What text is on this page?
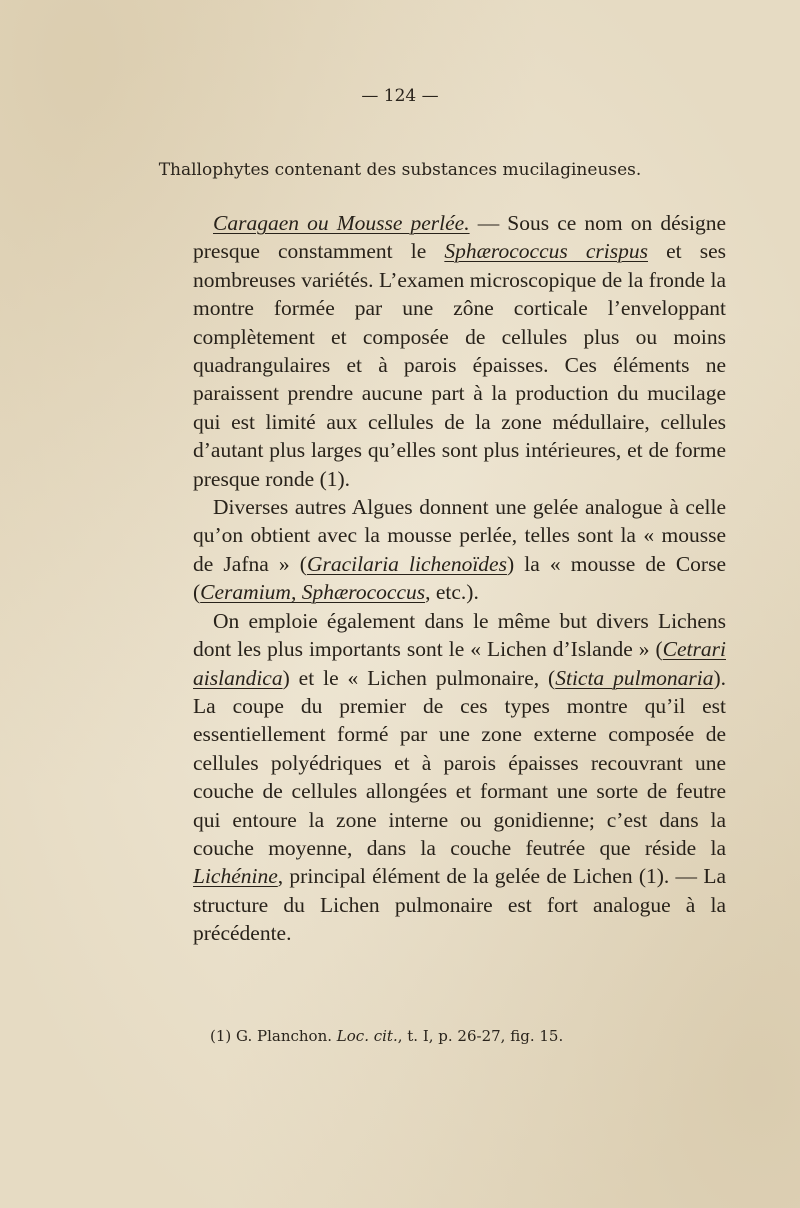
— 124 —
Thallophytes contenant des substances mucilagineuses.

Caragaen ou Mousse perlée. — Sous ce nom on désigne presque constamment le Sphærococcus crispus et ses nombreuses variétés. L’examen microscopique de la fronde la montre formée par une zône corticale l’enveloppant complètement et composée de cellules plus ou moins quadrangulaires et à parois épaisses. Ces éléments ne paraissent prendre aucune part à la production du mucilage qui est limité aux cellules de la zone médullaire, cellules d’autant plus larges qu’elles sont plus intérieures, et de forme presque ronde (1).

Diverses autres Algues donnent une gelée analogue à celle qu’on obtient avec la mousse perlée, telles sont la « mousse de Jafna » (Gracilaria lichenoïdes) la « mousse de Corse (Ceramium, Sphærococcus, etc.).

On emploie également dans le même but divers Lichens dont les plus importants sont le « Lichen d’Islande » (Cetrari aislandica) et le « Lichen pulmonaire, (Sticta pulmonaria). La coupe du premier de ces types montre qu’il est essentiellement formé par une zone externe composée de cellules polyédriques et à parois épaisses recouvrant une couche de cellules allongées et formant une sorte de feutre qui entoure la zone interne ou gonidienne; c’est dans la couche moyenne, dans la couche feutrée que réside la Lichénine, principal élément de la gelée de Lichen (1). — La structure du Lichen pulmonaire est fort analogue à la précédente.

(1) G. Planchon. Loc. cit., t. I, p. 26-27, fig. 15.
